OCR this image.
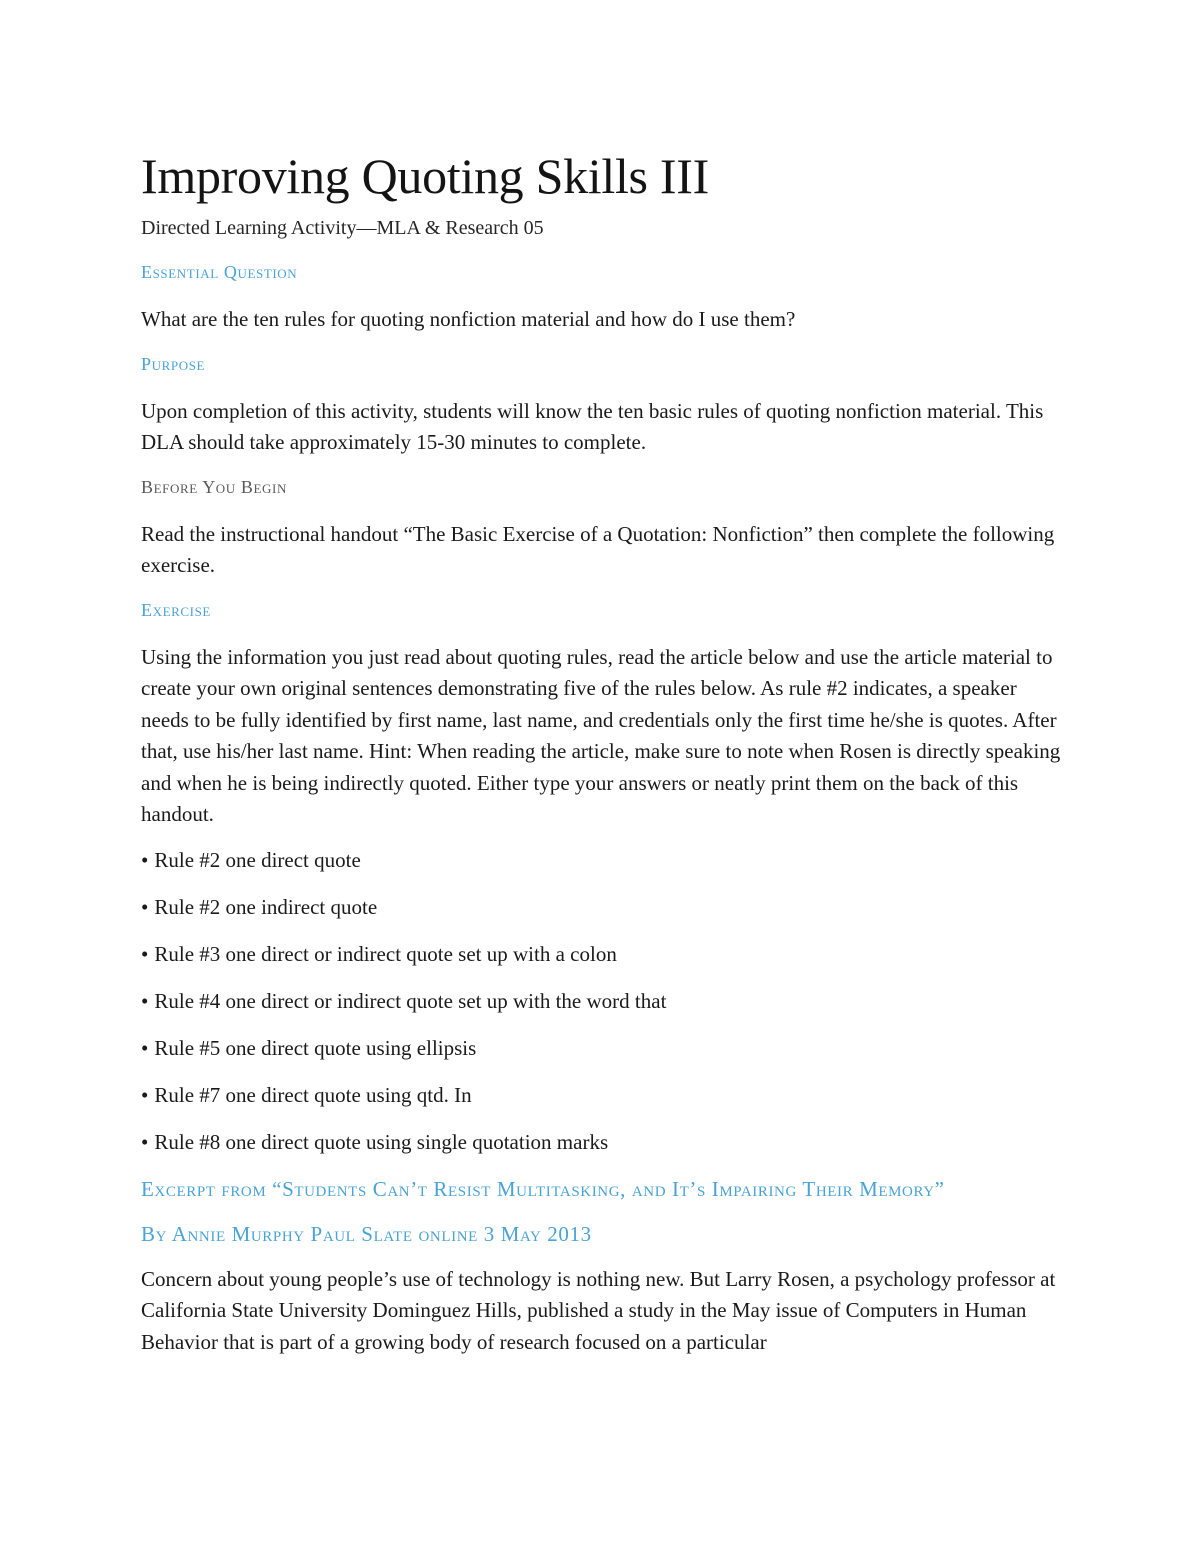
Improving Quoting Skills III

Directed Learning Activity—MLA & Research 05

Essential Question

What are the ten rules for quoting nonfiction material and how do I use them?

Purpose

Upon completion of this activity, students will know the ten basic rules of quoting nonfiction material. This DLA should take approximately 15-30 minutes to complete.

Before You Begin

Read the instructional handout “The Basic Exercise of a Quotation: Nonfiction” then complete the following exercise.

Exercise

Using the information you just read about quoting rules, read the article below and use the article material to create your own original sentences demonstrating five of the rules below. As rule #2 indicates, a speaker needs to be fully identified by first name, last name, and credentials only the first time he/she is quotes. After that, use his/her last name. Hint: When reading the article, make sure to note when Rosen is directly speaking and when he is being indirectly quoted. Either type your answers or neatly print them on the back of this handout.

• Rule #2 one direct quote
• Rule #2 one indirect quote
• Rule #3 one direct or indirect quote set up with a colon
• Rule #4 one direct or indirect quote set up with the word that
• Rule #5 one direct quote using ellipsis
• Rule #7 one direct quote using qtd. In
• Rule #8 one direct quote using single quotation marks
Excerpt from “Students Can’t Resist Multitasking, and It’s Impairing Their Memory”
By Annie Murphy Paul Slate online 3 May 2013

Concern about young people’s use of technology is nothing new. But Larry Rosen, a psychology professor at California State University Dominguez Hills, published a study in the May issue of Computers in Human Behavior that is part of a growing body of research focused on a particular
